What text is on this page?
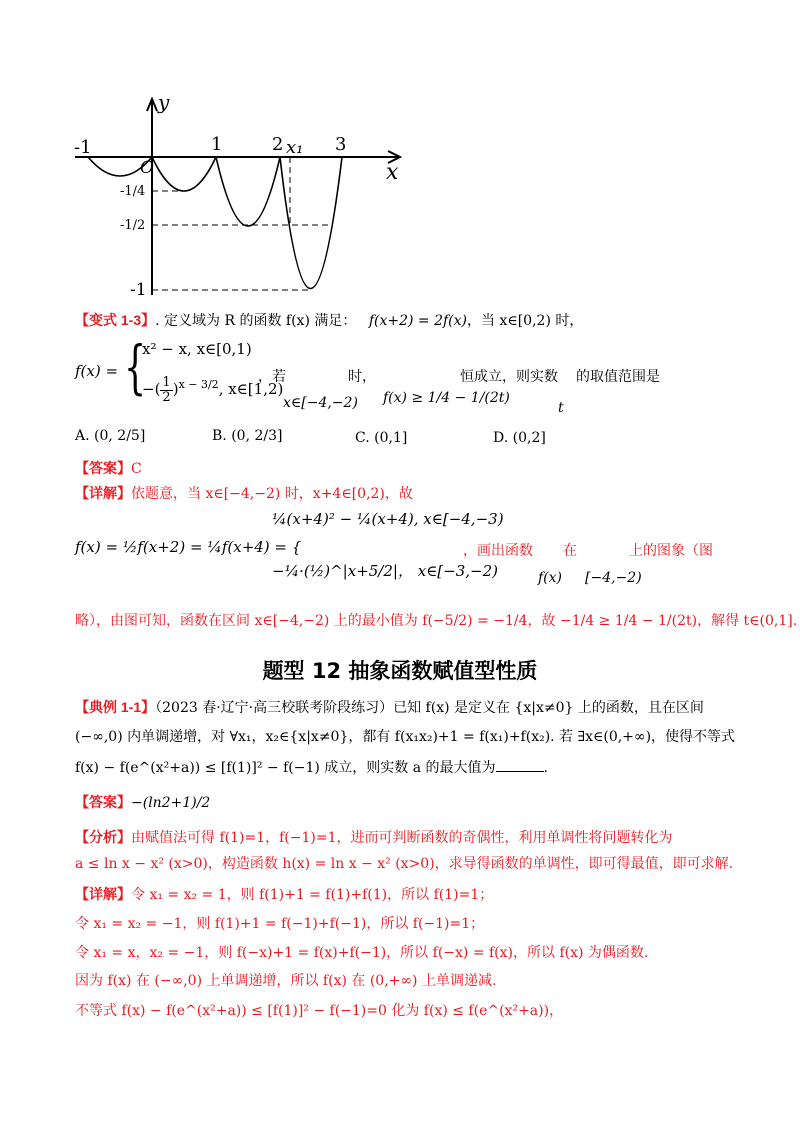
-1	1	2 x₁ 3
x
y
O
-1/4
-1/2
-1
【变式 1-3】. 定义域为 R 的函数 f(x) 满足： f(x+2) = 2f(x)，当 x∈[0,2) 时，
f(x) = {
x² − x, x∈[0,1)
−( $\frac{1}{2} )^{x - 3/2}$, x∈[1,2)
，若	时，	恒成立，则实数 的取值范围是
x∈[−4,−2) f(x) ≥ 1/4 − 1/(2t)
t
A. (0, 2/5]	B. (0, 2/3]	C. (0,1]	D. (0,2]
【答案】C
【详解】依题意，当 x∈[−4,−2) 时，x+4∈[0,2)，故
f(x) = ½f(x+2) = ¼f(x+4) = {
¼(x+4)² − ¼(x+4), x∈[−4,−3)
−¼·(½)^|x+5/2|， x∈[−3,−2)
，画出函数 在	上的图象（图
f(x) [−4,−2)
略），由图可知，函数在区间 x∈[−4,−2) 上的最小值为 f(−5/2) = −1/4，故 −1/4 ≥ 1/4 − 1/(2t)，解得 t∈(0,1].
题型 12 抽象函数赋值型性质
【典例 1-1】（2023 春·辽宁·高三校联考阶段练习）已知 f(x) 是定义在 {x|x≠0} 上的函数，且在区间
(−∞,0) 内单调递增，对 ∀x₁，x₂∈{x|x≠0}，都有 f(x₁x₂)+1 = f(x₁)+f(x₂). 若 ∃x∈(0,+∞)，使得不等式
f(x) − f(e^(x²+a)) ≤ [f(1)]² − f(−1) 成立，则实数 a 的最大值为	.
【答案】−(ln2+1)/2
【分析】由赋值法可得 f(1)=1，f(−1)=1，进而可判断函数的奇偶性，利用单调性将问题转化为
a ≤ ln x − x² (x>0)，构造函数 h(x) = ln x − x² (x>0)，求导得函数的单调性，即可得最值，即可求解.
【详解】令 x₁ = x₂ = 1，则 f(1)+1 = f(1)+f(1)，所以 f(1)=1；
令 x₁ = x₂ = −1，则 f(1)+1 = f(−1)+f(−1)，所以 f(−1)=1；
令 x₁ = x，x₂ = −1，则 f(−x)+1 = f(x)+f(−1)，所以 f(−x) = f(x)，所以 f(x) 为偶函数.
因为 f(x) 在 (−∞,0) 上单调递增，所以 f(x) 在 (0,+∞) 上单调递减.
不等式 f(x) − f(e^(x²+a)) ≤ [f(1)]² − f(−1)=0 化为 f(x) ≤ f(e^(x²+a))，
